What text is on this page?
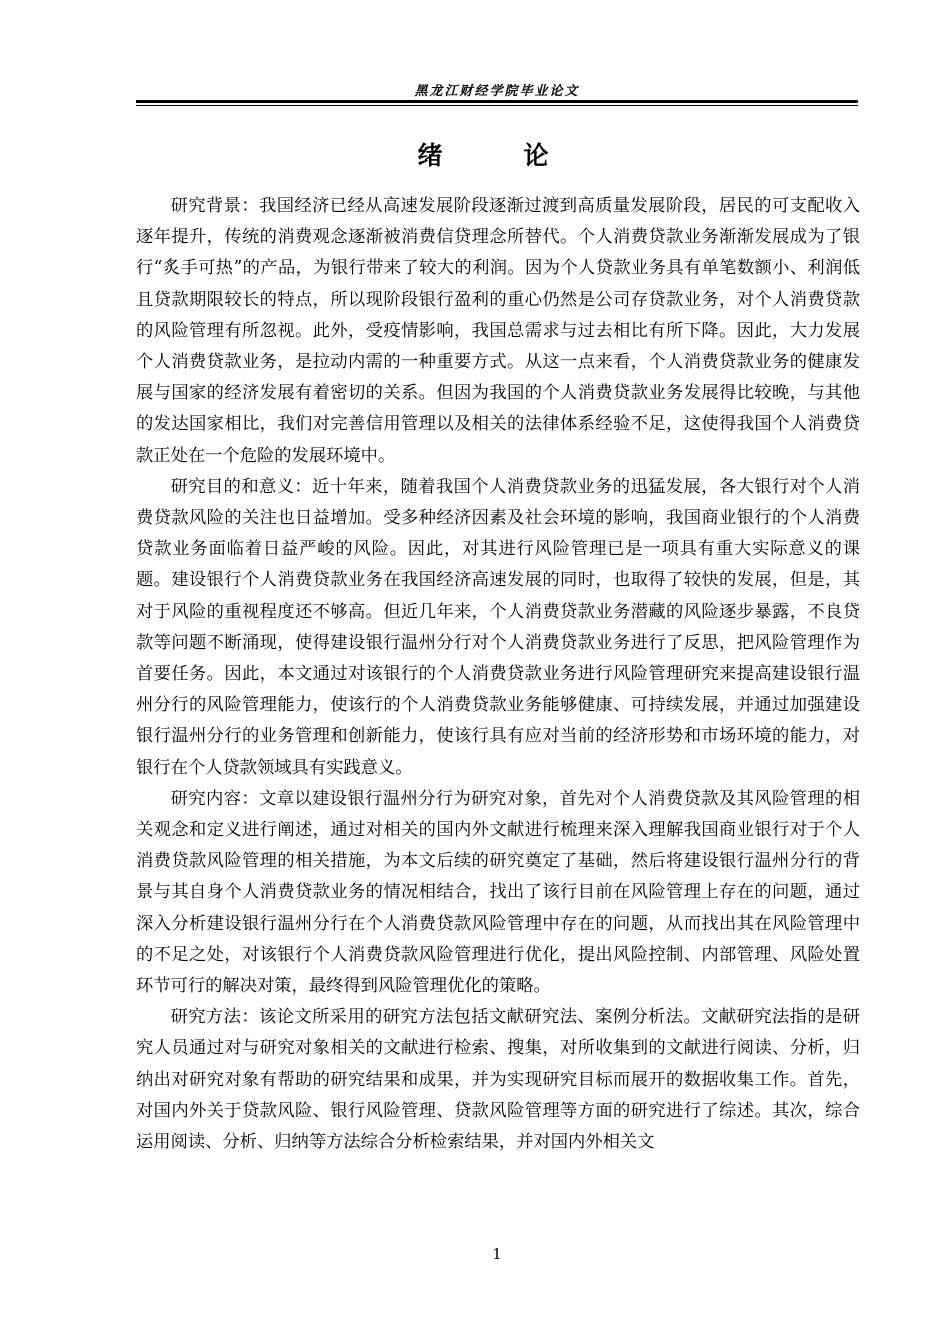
黑龙江财经学院毕业论文
绪　论

研究背景：我国经济已经从高速发展阶段逐渐过渡到高质量发展阶段，居民的可支配收入逐年提升，传统的消费观念逐渐被消费信贷理念所替代。个人消费贷款业务渐渐发展成为了银行“炙手可热”的产品，为银行带来了较大的利润。因为个人贷款业务具有单笔数额小、利润低且贷款期限较长的特点，所以现阶段银行盈利的重心仍然是公司存贷款业务，对个人消费贷款的风险管理有所忽视。此外，受疫情影响，我国总需求与过去相比有所下降。因此，大力发展个人消费贷款业务，是拉动内需的一种重要方式。从这一点来看，个人消费贷款业务的健康发展与国家的经济发展有着密切的关系。但因为我国的个人消费贷款业务发展得比较晚，与其他的发达国家相比，我们对完善信用管理以及相关的法律体系经验不足，这使得我国个人消费贷款正处在一个危险的发展环境中。

研究目的和意义：近十年来，随着我国个人消费贷款业务的迅猛发展，各大银行对个人消费贷款风险的关注也日益增加。受多种经济因素及社会环境的影响，我国商业银行的个人消费贷款业务面临着日益严峻的风险。因此，对其进行风险管理已是一项具有重大实际意义的课题。建设银行个人消费贷款业务在我国经济高速发展的同时，也取得了较快的发展，但是，其对于风险的重视程度还不够高。但近几年来，个人消费贷款业务潜藏的风险逐步暴露，不良贷款等问题不断涌现，使得建设银行温州分行对个人消费贷款业务进行了反思，把风险管理作为首要任务。因此，本文通过对该银行的个人消费贷款业务进行风险管理研究来提高建设银行温州分行的风险管理能力，使该行的个人消费贷款业务能够健康、可持续发展，并通过加强建设银行温州分行的业务管理和创新能力，使该行具有应对当前的经济形势和市场环境的能力，对银行在个人贷款领域具有实践意义。

研究内容：文章以建设银行温州分行为研究对象，首先对个人消费贷款及其风险管理的相关观念和定义进行阐述，通过对相关的国内外文献进行梳理来深入理解我国商业银行对于个人消费贷款风险管理的相关措施，为本文后续的研究奠定了基础，然后将建设银行温州分行的背景与其自身个人消费贷款业务的情况相结合，找出了该行目前在风险管理上存在的问题，通过深入分析建设银行温州分行在个人消费贷款风险管理中存在的问题，从而找出其在风险管理中的不足之处，对该银行个人消费贷款风险管理进行优化，提出风险控制、内部管理、风险处置环节可行的解决对策，最终得到风险管理优化的策略。

研究方法：该论文所采用的研究方法包括文献研究法、案例分析法。文献研究法指的是研究人员通过对与研究对象相关的文献进行检索、搜集，对所收集到的文献进行阅读、分析，归纳出对研究对象有帮助的研究结果和成果，并为实现研究目标而展开的数据收集工作。首先，对国内外关于贷款风险、银行风险管理、贷款风险管理等方面的研究进行了综述。其次，综合运用阅读、分析、归纳等方法综合分析检索结果，并对国内外相关文

1
